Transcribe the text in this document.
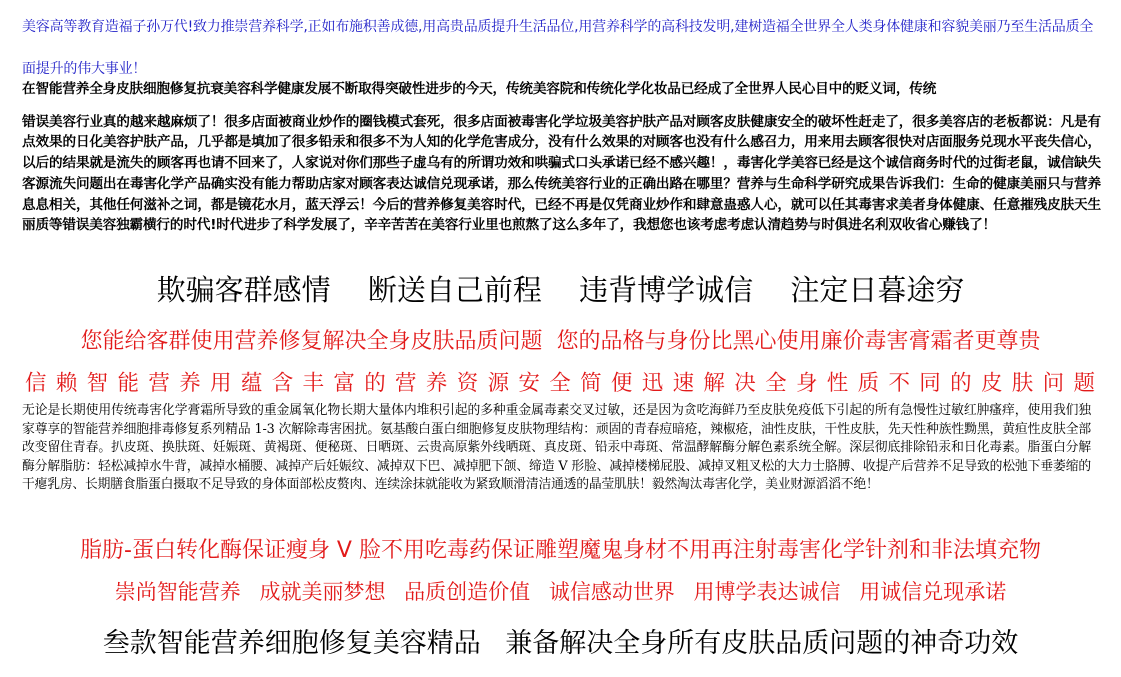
美容高等教育造福子孙万代!致力推崇营养科学,正如布施积善成德,用高贵品质提升生活品位,用营养科学的高科技发明,建树造福全世界全人类身体健康和容貌美丽乃至生活品质全面提升的伟大事业！
在智能营养全身皮肤细胞修复抗衰美容科学健康发展不断取得突破性进步的今天，传统美容院和传统化学化妆品已经成了全世界人民心目中的贬义词，传统
错误美容行业真的越来越麻烦了！很多店面被商业炒作的圈钱模式套死，很多店面被毒害化学垃圾美容护肤产品对顾客皮肤健康安全的破坏性赶走了，很多美容店的老板都说：凡是有点效果的日化美容护肤产品，几乎都是填加了很多铅汞和很多不为人知的化学危害成分，没有什么效果的对顾客也没有什么感召力，用来用去顾客很快对店面服务兑现水平丧失信心，以后的结果就是流失的顾客再也请不回来了，人家说对你们那些子虚乌有的所谓功效和哄骗式口头承诺已经不感兴趣！，毒害化学美容已经是这个诚信商务时代的过街老鼠，诚信缺失客源流失问题出在毒害化学产品确实没有能力帮助店家对顾客表达诚信兑现承诺，那么传统美容行业的正确出路在哪里？营养与生命科学研究成果告诉我们：生命的健康美丽只与营养息息相关，其他任何滋补之词，都是镜花水月，蓝天浮云！今后的营养修复美容时代，已经不再是仅凭商业炒作和肆意蛊惑人心，就可以任其毒害求美者身体健康、任意摧残皮肤天生丽质等错误美容独霸横行的时代!时代进步了科学发展了，辛辛苦苦在美容行业里也煎熬了这么多年了，我想您也该考虑考虑认清趋势与时俱进名利双收省心赚钱了！
欺骗客群感情 断送自己前程 违背博学诚信 注定日暮途穷
您能给客群使用营养修复解决全身皮肤品质问题  您的品格与身份比黑心使用廉价毒害膏霜者更尊贵
信赖智能营养用蕴含丰富的营养资源安全简便迅速解决全身性质不同的皮肤问题
无论是长期使用传统毒害化学膏霜所导致的重金属氧化物长期大量体内堆积引起的多种重金属毒素交叉过敏，还是因为贪吃海鲜乃至皮肤免疫低下引起的所有急慢性过敏红肿瘙痒，使用我们独家尊享的智能营养细胞排毒修复系列精品 1-3 次解除毒害困扰。氨基酸白蛋白细胞修复皮肤物理结构：顽固的青春痘暗疮，辣椒疮，油性皮肤，干性皮肤，先天性种族性黝黑，黄疸性皮肤全部改变留住青春。扒皮斑、换肤斑、妊娠斑、黄褐斑、便秘斑、日晒斑、云贵高原紫外线晒斑、真皮斑、铅汞中毒斑、常温酵解酶分解色素系统全解。深层彻底排除铅汞和日化毒素。脂蛋白分解酶分解脂肪：轻松减掉水牛背，减掉水桶腰、减掉产后妊娠纹、减掉双下巴、减掉肥下颌、缔造 V 形脸、减掉楼梯屁股、减掉叉粗叉松的大力士胳膊、收提产后营养不足导致的松弛下垂萎缩的干瘪乳房、长期膳食脂蛋白摄取不足导致的身体面部松皮赘肉、连续涂抹就能收为紧致顺滑清洁通透的晶莹肌肤！毅然淘汰毒害化学，美业财源滔滔不绝！
脂肪-蛋白转化酶保证瘦身 V 脸不用吃毒药保证雕塑魔鬼身材不用再注射毒害化学针剂和非法填充物
崇尚智能营养 成就美丽梦想 品质创造价值 诚信感动世界 用博学表达诚信 用诚信兑现承诺
叁款智能营养细胞修复美容精品 兼备解决全身所有皮肤品质问题的神奇功效
